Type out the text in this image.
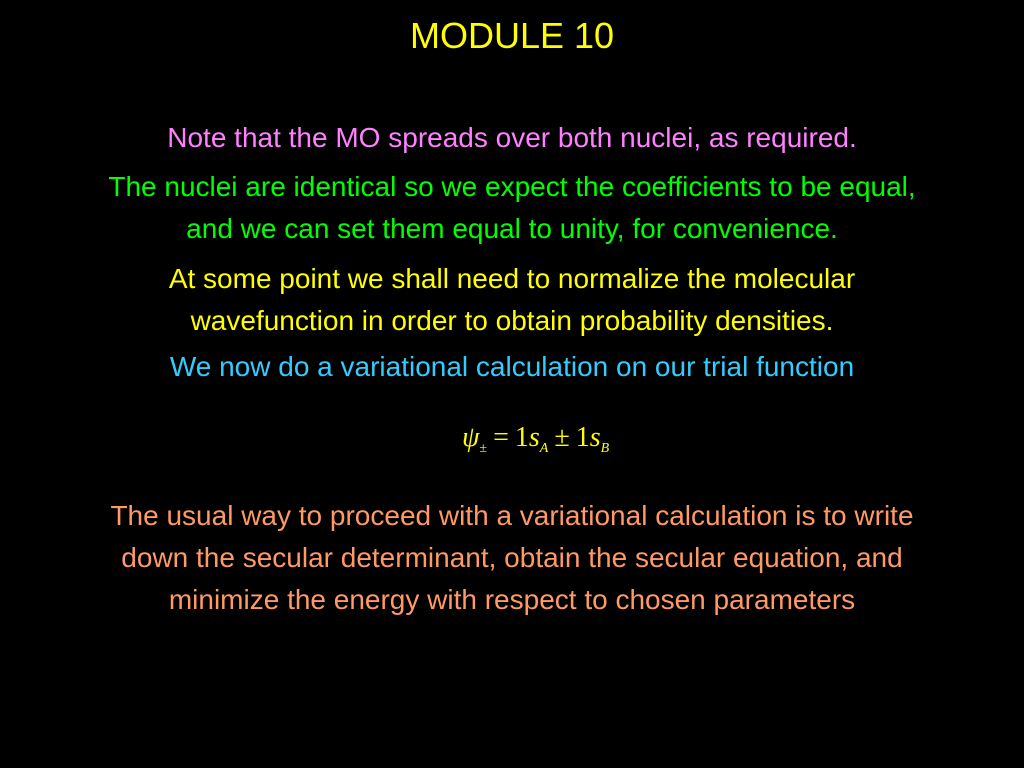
MODULE 10

Note that the MO spreads over both nuclei, as required.

The nuclei are identical so we expect the coefficients to be equal,
and we can set them equal to unity, for convenience.

At some point we shall need to normalize the molecular
wavefunction in order to obtain probability densities.

We now do a variational calculation on our trial function

$\psi_\pm = 1s_A \pm 1s_B$

The usual way to proceed with a variational calculation is to write
down the secular determinant, obtain the secular equation, and
minimize the energy with respect to chosen parameters
